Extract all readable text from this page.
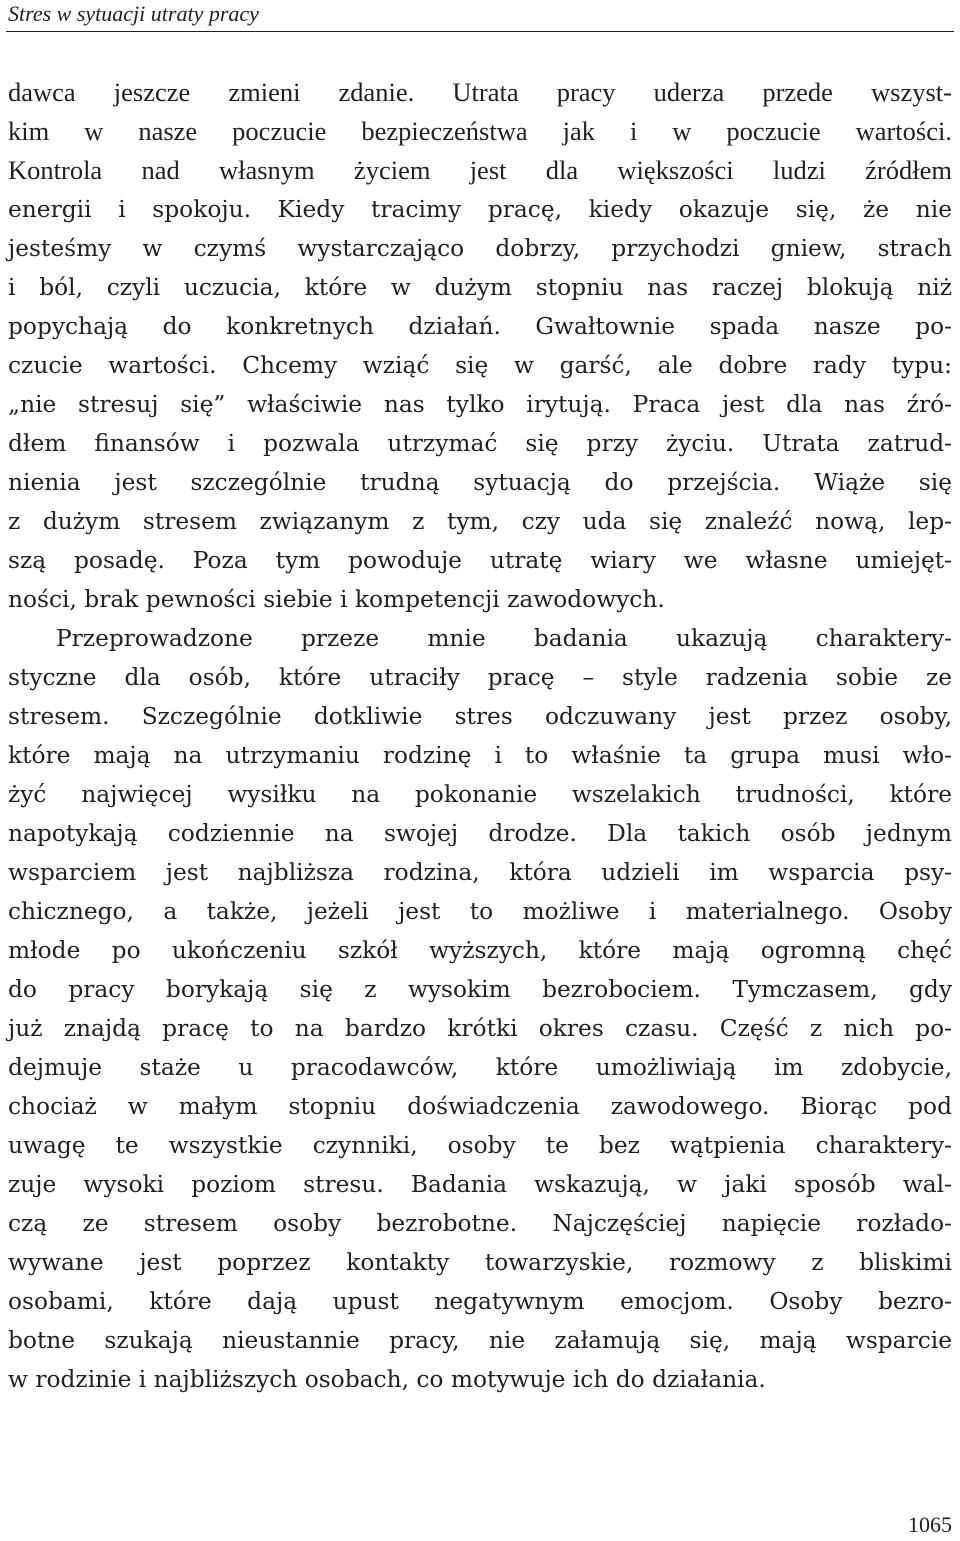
Stres w sytuacji utraty pracy
dawca jeszcze zmieni zdanie. Utrata pracy uderza przede wszyst-
kim w nasze poczucie bezpieczeństwa jak i w poczucie wartości.
Kontrola nad własnym życiem jest dla większości ludzi źródłem
energii i spokoju. Kiedy tracimy pracę, kiedy okazuje się, że nie
jesteśmy w czymś wystarczająco dobrzy, przychodzi gniew, strach
i ból, czyli uczucia, które w dużym stopniu nas raczej blokują niż
popychają do konkretnych działań. Gwałtownie spada nasze po-
czucie wartości. Chcemy wziąć się w garść, ale dobre rady typu:
„nie stresuj się” właściwie nas tylko irytują. Praca jest dla nas źró-
dłem finansów i pozwala utrzymać się przy życiu. Utrata zatrud-
nienia jest szczególnie trudną sytuacją do przejścia. Wiąże się
z dużym stresem związanym z tym, czy uda się znaleźć nową, lep-
szą posadę. Poza tym powoduje utratę wiary we własne umiejęt-
ności, brak pewności siebie i kompetencji zawodowych.
Przeprowadzone przeze mnie badania ukazują charaktery-
styczne dla osób, które utraciły pracę – style radzenia sobie ze
stresem. Szczególnie dotkliwie stres odczuwany jest przez osoby,
które mają na utrzymaniu rodzinę i to właśnie ta grupa musi wło-
żyć najwięcej wysiłku na pokonanie wszelakich trudności, które
napotykają codziennie na swojej drodze. Dla takich osób jednym
wsparciem jest najbliższa rodzina, która udzieli im wsparcia psy-
chicznego, a także, jeżeli jest to możliwe i materialnego. Osoby
młode po ukończeniu szkół wyższych, które mają ogromną chęć
do pracy borykają się z wysokim bezrobociem. Tymczasem, gdy
już znajdą pracę to na bardzo krótki okres czasu. Część z nich po-
dejmuje staże u pracodawców, które umożliwiają im zdobycie,
chociaż w małym stopniu doświadczenia zawodowego. Biorąc pod
uwagę te wszystkie czynniki, osoby te bez wątpienia charaktery-
zuje wysoki poziom stresu. Badania wskazują, w jaki sposób wal-
czą ze stresem osoby bezrobotne. Najczęściej napięcie rozłado-
wywane jest poprzez kontakty towarzyskie, rozmowy z bliskimi
osobami, które dają upust negatywnym emocjom. Osoby bezro-
botne szukają nieustannie pracy, nie załamują się, mają wsparcie
w rodzinie i najbliższych osobach, co motywuje ich do działania.
1065
